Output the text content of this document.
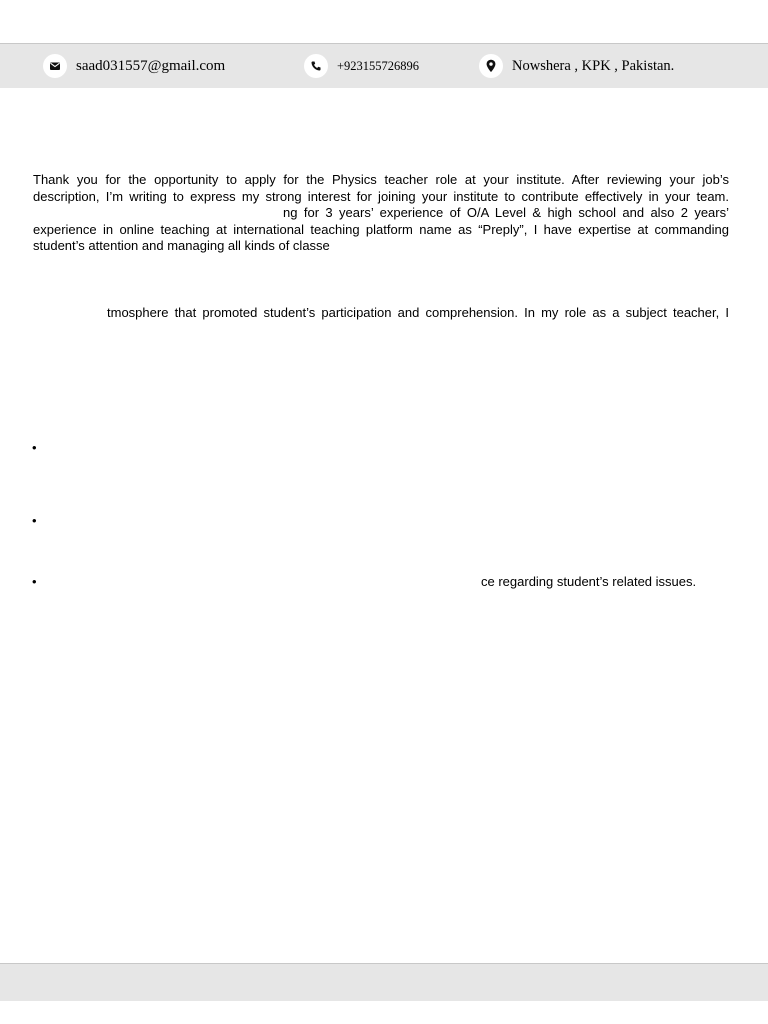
saad031557@gmail.com	+923155726896	Nowshera , KPK , Pakistan.
Thank you for the opportunity to apply for the Physics teacher role at your institute. After reviewing your job’s
description, I’m writing to express my strong interest for joining your institute to contribute effectively in your team.
ng for 3 years’ experience of O/A Level & high school and also 2 years’
experience in online teaching at international teaching platform name as “Preply”, I have expertise at commanding
student’s attention and managing all kinds of classe
tmosphere that promoted student’s participation and comprehension. In my role as a subject teacher, I
•
•
•	ce regarding student’s related issues.
